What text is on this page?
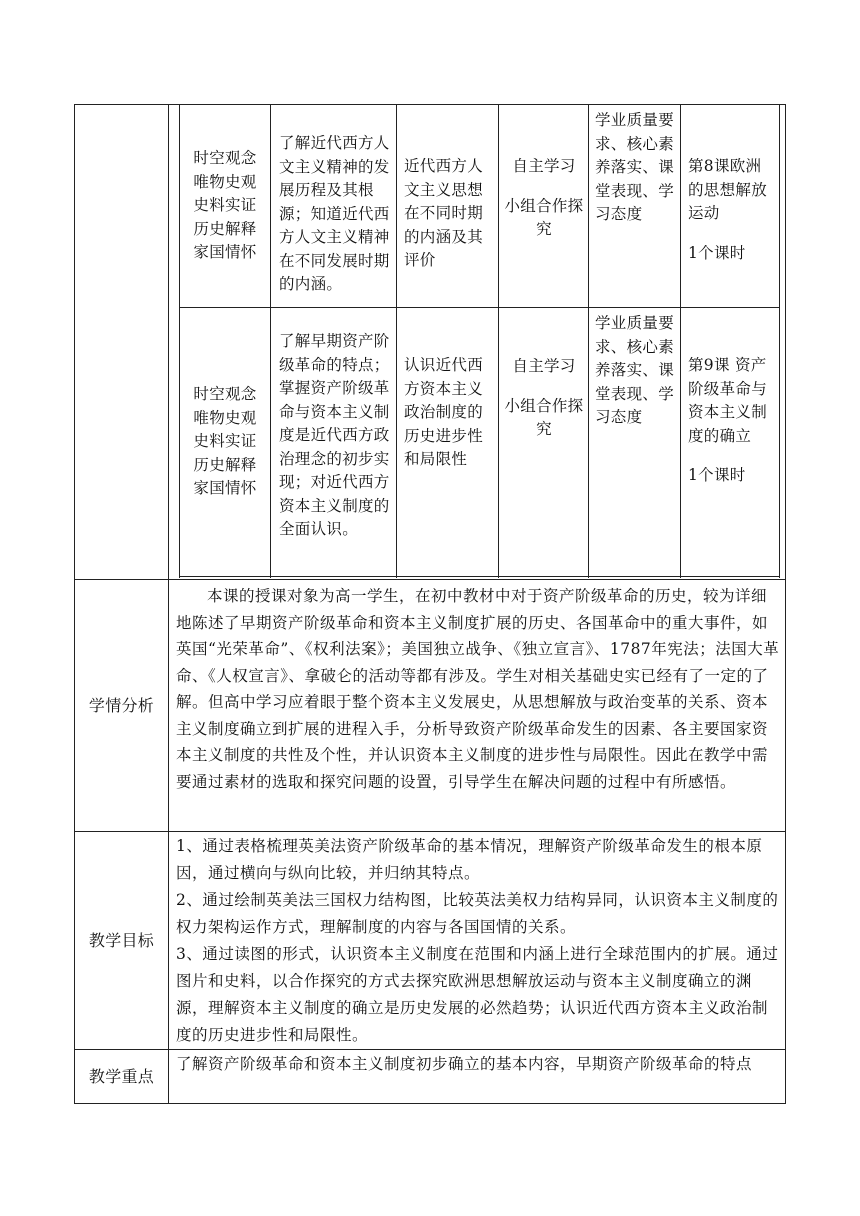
时空观念
唯物史观
史料实证
历史解释
家国情怀
了解近代西方人文主义精神的发展历程及其根源；知道近代西方人文主义精神在不同发展时期的内涵。
近代西方人文主义思想在不同时期的内涵及其评价
自主学习
小组合作探究
学业质量要求、核心素养落实、课堂表现、学习态度
第8课欧洲的思想解放运动
1个课时
时空观念
唯物史观
史料实证
历史解释
家国情怀
了解早期资产阶级革命的特点；掌握资产阶级革命与资本主义制度是近代西方政治理念的初步实现；对近代西方资本主义制度的全面认识。
认识近代西方资本主义政治制度的历史进步性和局限性
自主学习
小组合作探究
学业质量要求、核心素养落实、课堂表现、学习态度
第9课 资产阶级革命与资本主义制度的确立
1个课时
学情分析

本课的授课对象为高一学生，在初中教材中对于资产阶级革命的历史，较为详细地陈述了早期资产阶级革命和资本主义制度扩展的历史、各国革命中的重大事件，如英国“光荣革命”、《权利法案》；美国独立战争、《独立宣言》、1787年宪法；法国大革命、《人权宣言》、拿破仑的活动等都有涉及。学生对相关基础史实已经有了一定的了解。但高中学习应着眼于整个资本主义发展史，从思想解放与政治变革的关系、资本主义制度确立到扩展的进程入手，分析导致资产阶级革命发生的因素、各主要国家资本主义制度的共性及个性，并认识资本主义制度的进步性与局限性。因此在教学中需要通过素材的选取和探究问题的设置，引导学生在解决问题的过程中有所感悟。

教学目标

1、通过表格梳理英美法资产阶级革命的基本情况，理解资产阶级革命发生的根本原因，通过横向与纵向比较，并归纳其特点。

2、通过绘制英美法三国权力结构图，比较英法美权力结构异同，认识资本主义制度的权力架构运作方式，理解制度的内容与各国国情的关系。

3、通过读图的形式，认识资本主义制度在范围和内涵上进行全球范围内的扩展。通过图片和史料，以合作探究的方式去探究欧洲思想解放运动与资本主义制度确立的渊源，理解资本主义制度的确立是历史发展的必然趋势；认识近代西方资本主义政治制度的历史进步性和局限性。

教学重点
了解资产阶级革命和资本主义制度初步确立的基本内容，早期资产阶级革命的特点
